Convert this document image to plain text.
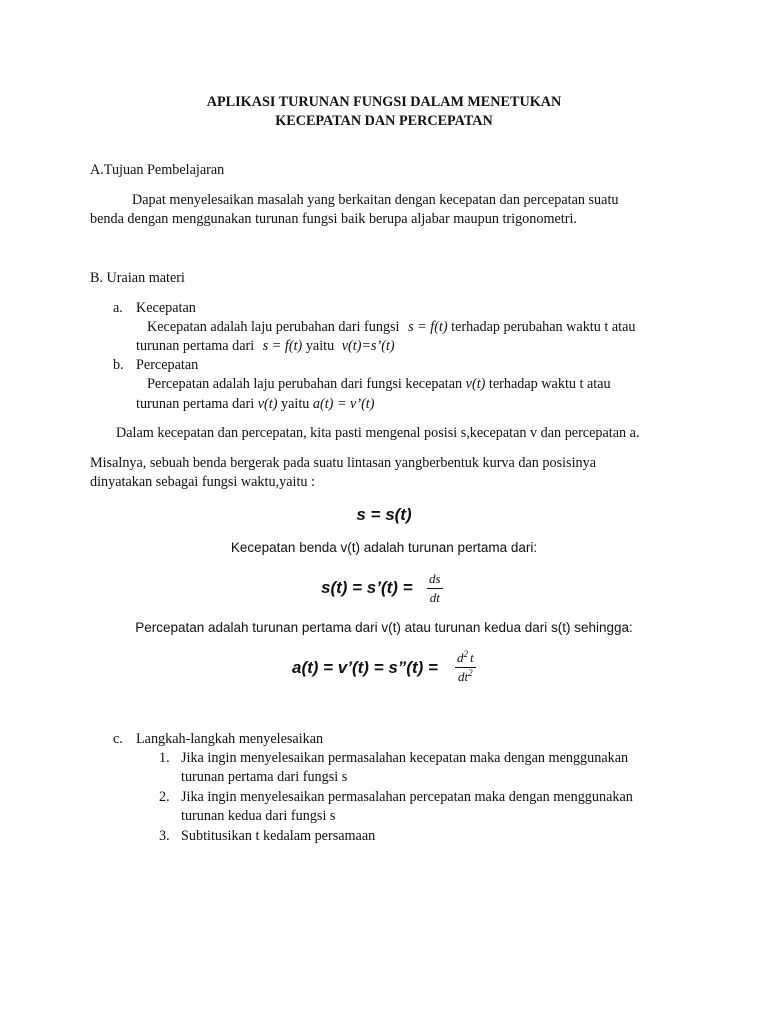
APLIKASI TURUNAN FUNGSI DALAM MENETUKAN
KECEPATAN DAN PERCEPATAN
A.Tujuan Pembelajaran
Dapat menyelesaikan masalah yang berkaitan dengan kecepatan dan percepatan suatu
benda dengan menggunakan turunan fungsi baik berupa aljabar maupun trigonometri.
B. Uraian materi
a. Kecepatan
Kecepatan adalah laju perubahan dari fungsi s = f(t) terhadap perubahan waktu t atau
turunan pertama dari s = f(t) yaitu v(t)=s’(t)
b. Percepatan
Percepatan adalah laju perubahan dari fungsi kecepatan v(t) terhadap waktu t atau
turunan pertama dari v(t) yaitu a(t) = v’(t)
Dalam kecepatan dan percepatan, kita pasti mengenal posisi s,kecepatan v dan percepatan a.
Misalnya, sebuah benda bergerak pada suatu lintasan yangberbentuk kurva dan posisinya
dinyatakan sebagai fungsi waktu,yaitu :
s = s(t)
Kecepatan benda v(t) adalah turunan pertama dari:
s(t) = s’(t) = $\frac{ds}{dt}$
Percepatan adalah turunan pertama dari v(t) atau turunan kedua dari s(t) sehingga:
a(t) = v’(t) = s”(t) = $\frac{d^2 t}{dt^2}$
c. Langkah-langkah menyelesaikan
1. Jika ingin menyelesaikan permasalahan kecepatan maka dengan menggunakan
turunan pertama dari fungsi s
2. Jika ingin menyelesaikan permasalahan percepatan maka dengan menggunakan
turunan kedua dari fungsi s
3. Subtitusikan t kedalam persamaan
